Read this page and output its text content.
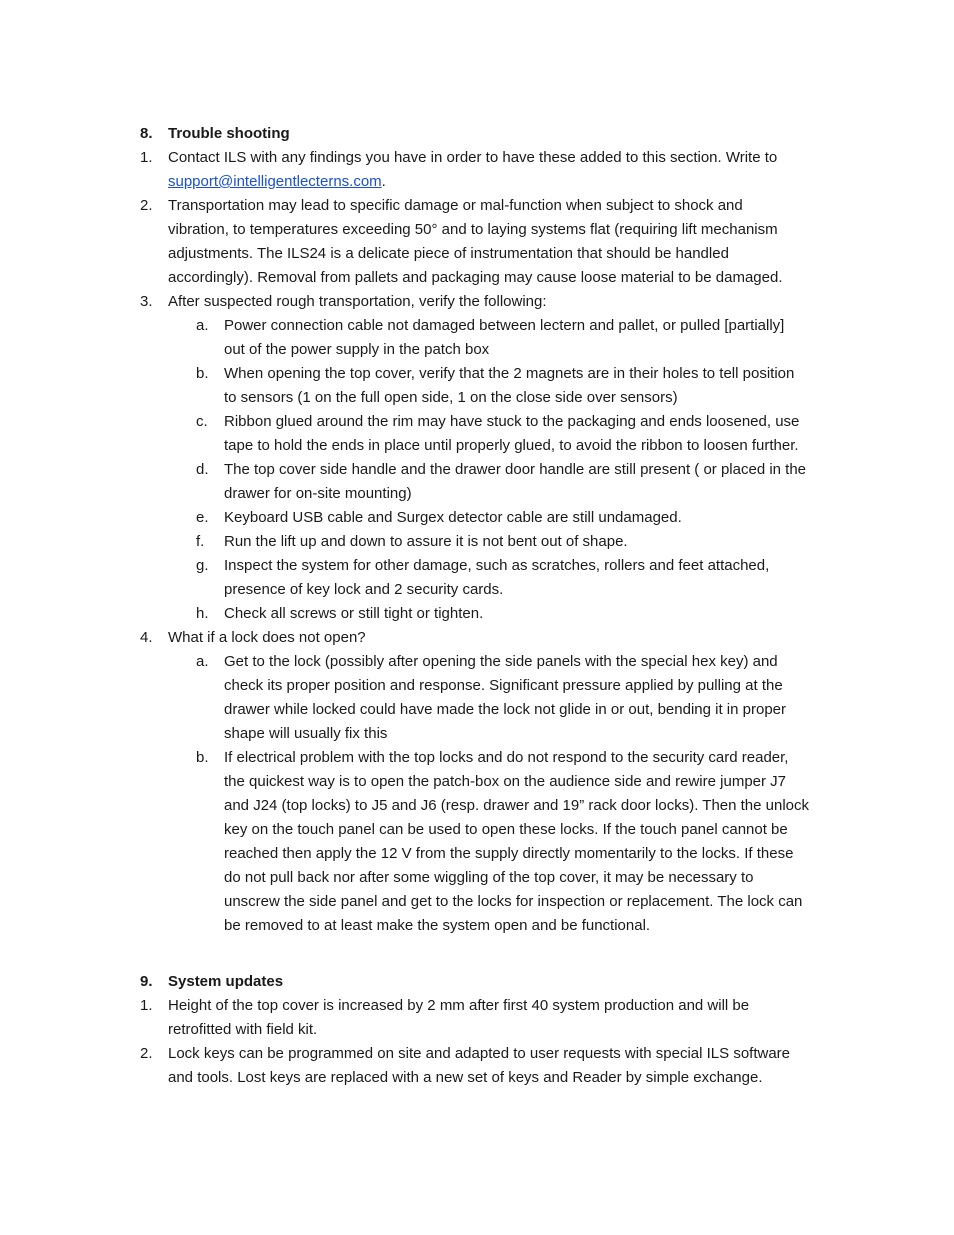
8. Trouble shooting
1. Contact ILS with any findings you have in order to have these added to this section. Write to
support@intelligentlecterns.com.
2. Transportation may lead to specific damage or mal-function when subject to shock and
vibration, to temperatures exceeding 50° and to laying systems flat (requiring lift mechanism
adjustments. The ILS24 is a delicate piece of instrumentation that should be handled
accordingly). Removal from pallets and packaging may cause loose material to be damaged.
3. After suspected rough transportation, verify the following:
a. Power connection cable not damaged between lectern and pallet, or pulled [partially]
out of the power supply in the patch box
b. When opening the top cover, verify that the 2 magnets are in their holes to tell position
to sensors (1 on the full open side, 1 on the close side over sensors)
c. Ribbon glued around the rim may have stuck to the packaging and ends loosened, use
tape to hold the ends in place until properly glued, to avoid the ribbon to loosen further.
d. The top cover side handle and the drawer door handle are still present ( or placed in the
drawer for on-site mounting)
e. Keyboard USB cable and Surgex detector cable are still undamaged.
f. Run the lift up and down to assure it is not bent out of shape.
g. Inspect the system for other damage, such as scratches, rollers and feet attached,
presence of key lock and 2 security cards.
h. Check all screws or still tight or tighten.
4. What if a lock does not open?
a. Get to the lock (possibly after opening the side panels with the special hex key) and
check its proper position and response. Significant pressure applied by pulling at the
drawer while locked could have made the lock not glide in or out, bending it in proper
shape will usually fix this
b. If electrical problem with the top locks and do not respond to the security card reader,
the quickest way is to open the patch-box on the audience side and rewire jumper J7
and J24 (top locks) to J5 and J6 (resp. drawer and 19” rack door locks). Then the unlock
key on the touch panel can be used to open these locks. If the touch panel cannot be
reached then apply the 12 V from the supply directly momentarily to the locks. If these
do not pull back nor after some wiggling of the top cover, it may be necessary to
unscrew the side panel and get to the locks for inspection or replacement. The lock can
be removed to at least make the system open and be functional.
9. System updates
1. Height of the top cover is increased by 2 mm after first 40 system production and will be
retrofitted with field kit.
2. Lock keys can be programmed on site and adapted to user requests with special ILS software
and tools. Lost keys are replaced with a new set of keys and Reader by simple exchange.
